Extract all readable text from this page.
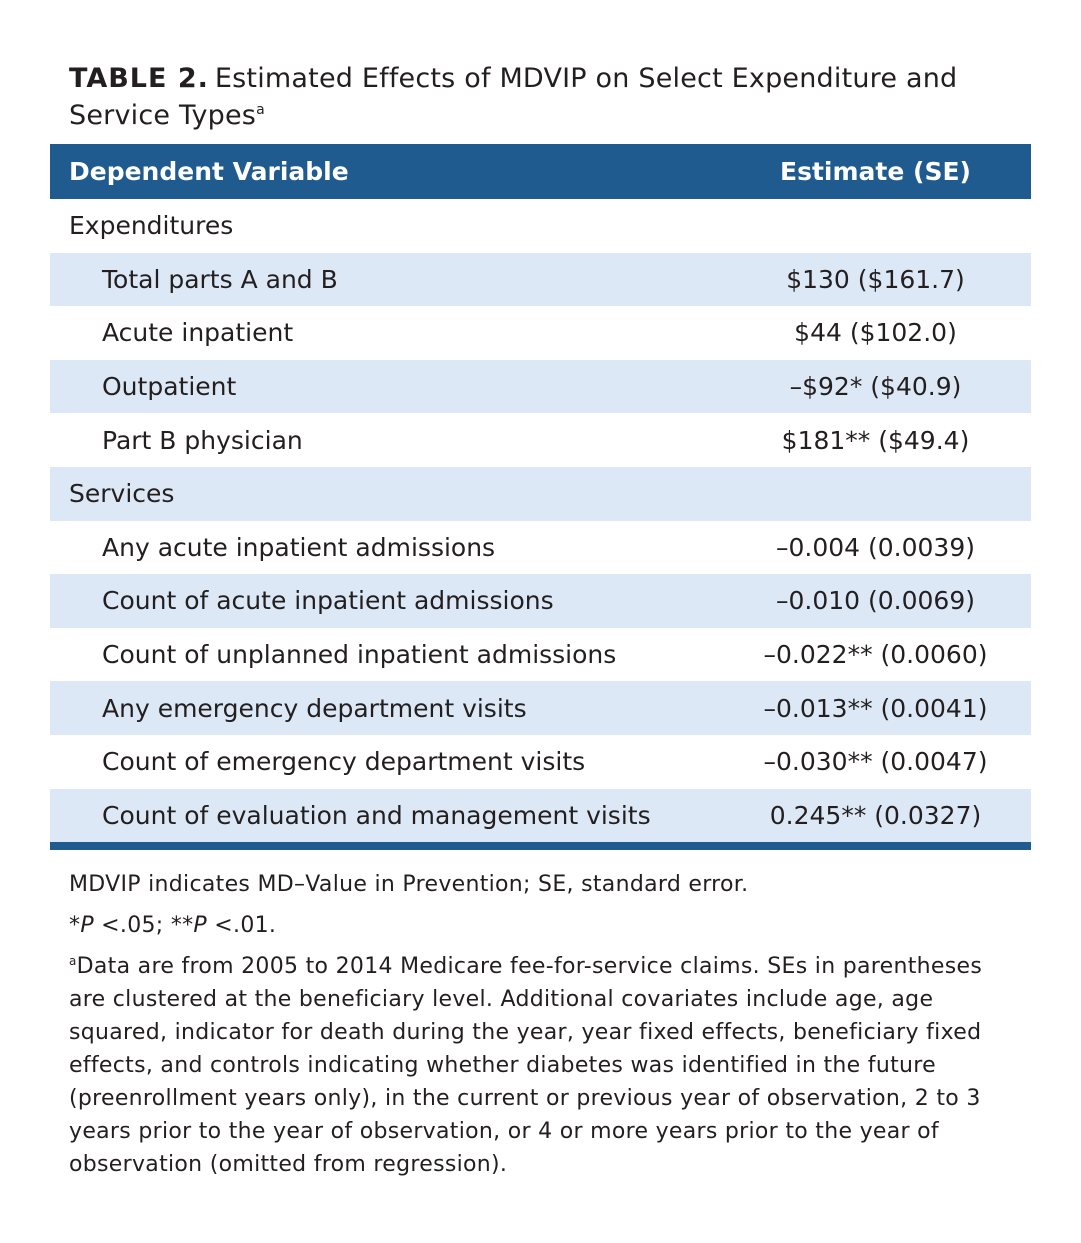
TABLE 2. Estimated Effects of MDVIP on Select Expenditure and Service Types$^a$
Dependent Variable	Estimate (SE)
Expenditures
Total parts A and B	$130 ($161.7)
Acute inpatient	$44 ($102.0)
Outpatient	–$92* ($40.9)
Part B physician	$181** ($49.4)
Services
Any acute inpatient admissions	–0.004 (0.0039)
Count of acute inpatient admissions	–0.010 (0.0069)
Count of unplanned inpatient admissions	–0.022** (0.0060)
Any emergency department visits	–0.013** (0.0041)
Count of emergency department visits	–0.030** (0.0047)
Count of evaluation and management visits	0.245** (0.0327)

MDVIP indicates MD–Value in Prevention; SE, standard error.

*P <.05; **P <.01.

$^a$Data are from 2005 to 2014 Medicare fee-for-service claims. SEs in parentheses are clustered at the beneficiary level. Additional covariates include age, age squared, indicator for death during the year, year fixed effects, beneficiary fixed effects, and controls indicating whether diabetes was identified in the future (preenrollment years only), in the current or previous year of observation, 2 to 3 years prior to the year of observation, or 4 or more years prior to the year of observation (omitted from regression).
